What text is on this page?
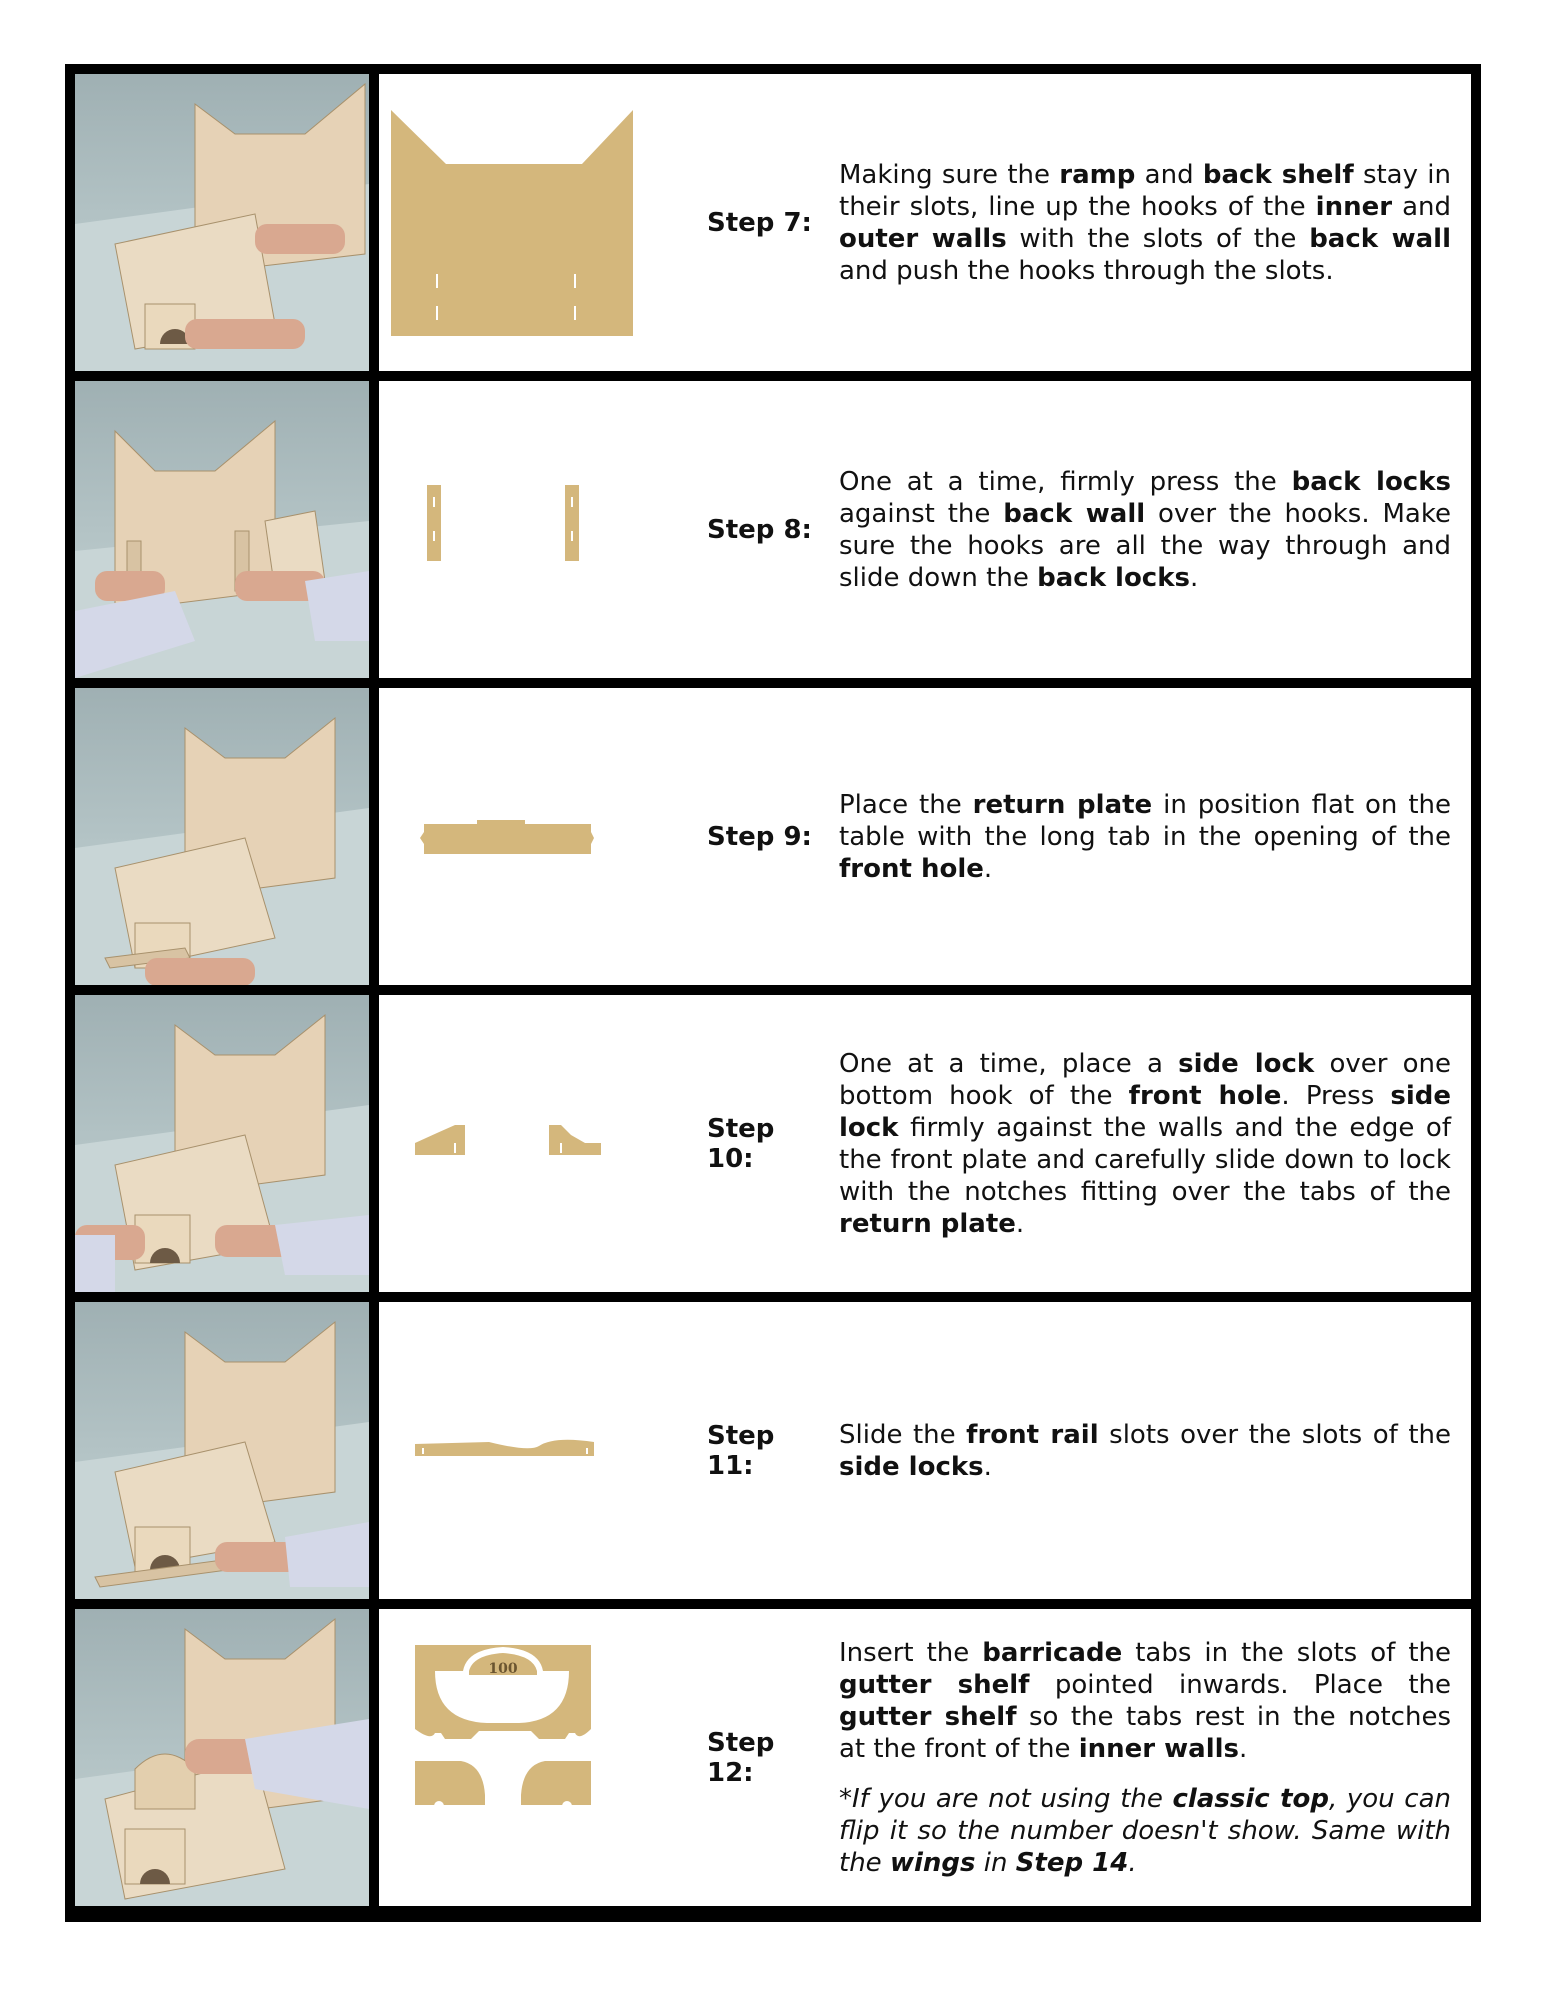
Step 7:

Making sure the ramp and back shelf stay in their slots, line up the hooks of the inner and outer walls with the slots of the back wall and push the hooks through the slots.

Step 8:

One at a time, firmly press the back locks against the back wall over the hooks. Make sure the hooks are all the way through and slide down the back locks.

Step 9:

Place the return plate in position flat on the table with the long tab in the opening of the front hole.

Step 10:

One at a time, place a side lock over one bottom hook of the front hole. Press side lock firmly against the walls and the edge of the front plate and carefully slide down to lock with the notches fitting over the tabs of the return plate.

Step 11:

Slide the front rail slots over the slots of the side locks.

100
Step 12:

Insert the barricade tabs in the slots of the gutter shelf pointed inwards. Place the gutter shelf so the tabs rest in the notches at the front of the inner walls.

*If you are not using the classic top, you can flip it so the number doesn't show. Same with the wings in Step 14.
